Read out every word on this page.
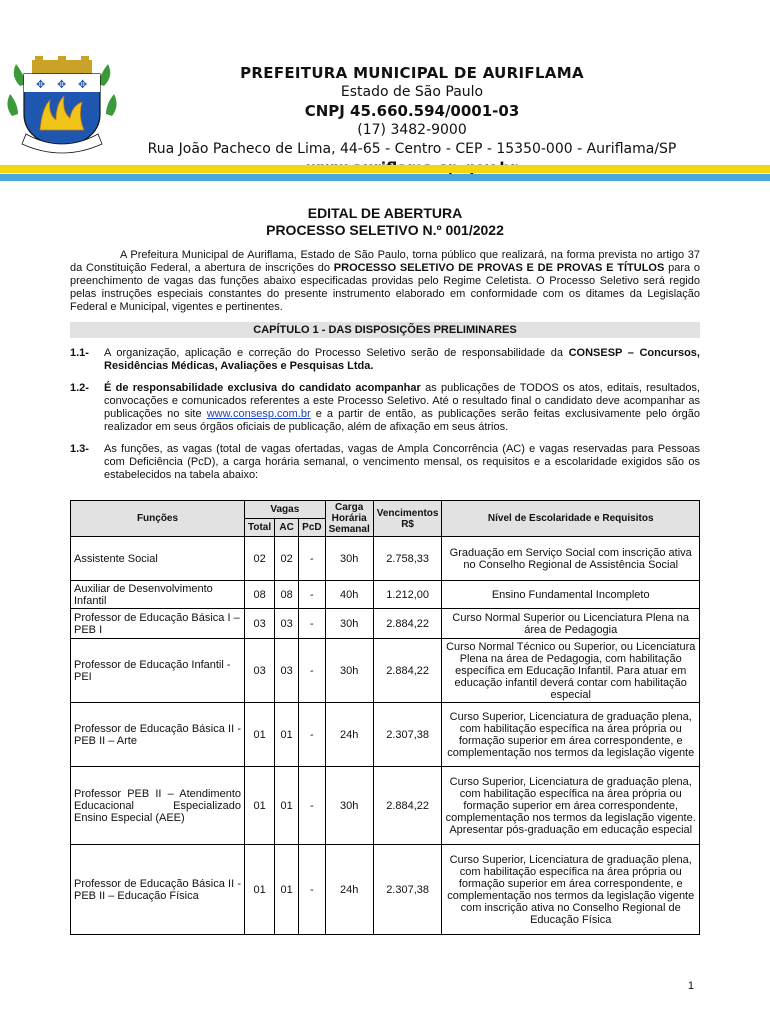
✥ ✥ ✥
PREFEITURA MUNICIPAL DE AURIFLAMA
Estado de São Paulo
CNPJ 45.660.594/0001-03
(17) 3482-9000
Rua João Pacheco de Lima, 44-65 - Centro - CEP - 15350-000 - Auriflama/SP
EDITAL DE ABERTURA
PROCESSO SELETIVO N.º 001/2022
A Prefeitura Municipal de Auriflama, Estado de São Paulo, torna público que realizará, na forma prevista no artigo 37 da Constituição Federal, a abertura de inscrições do PROCESSO SELETIVO DE PROVAS E DE PROVAS E TÍTULOS para o preenchimento de vagas das funções abaixo especificadas providas pelo Regime Celetista. O Processo Seletivo será regido pelas instruções especiais constantes do presente instrumento elaborado em conformidade com os ditames da Legislação Federal e Municipal, vigentes e pertinentes.
CAPÍTULO 1 - DAS DISPOSIÇÕES PRELIMINARES
1.1-	A organização, aplicação e correção do Processo Seletivo serão de responsabilidade da CONSESP – Concursos, Residências Médicas, Avaliações e Pesquisas Ltda.
1.2-	É de responsabilidade exclusiva do candidato acompanhar as publicações de TODOS os atos, editais, resultados, convocações e comunicados referentes a este Processo Seletivo. Até o resultado final o candidato deve acompanhar as publicações no site www.consesp.com.br e a partir de então, as publicações serão feitas exclusivamente pelo órgão realizador em seus órgãos oficiais de publicação, além de afixação em seus átrios.
1.3-	As funções, as vagas (total de vagas ofertadas, vagas de Ampla Concorrência (AC) e vagas reservadas para Pessoas com Deficiência (PcD), a carga horária semanal, o vencimento mensal, os requisitos e a escolaridade exigidos são os estabelecidos na tabela abaixo:
Funções	Vagas			Carga Horária Semanal	Vencimentos R$	Nível de Escolaridade e Requisitos
	Total	AC	PcD			
Assistente Social	02	02	-	30h	2.758,33	Graduação em Serviço Social com inscrição ativa no Conselho Regional de Assistência Social
Auxiliar de Desenvolvimento Infantil	08	08	-	40h	1.212,00	Ensino Fundamental Incompleto
Professor de Educação Básica I – PEB I	03	03	-	30h	2.884,22	Curso Normal Superior ou Licenciatura Plena na área de Pedagogia
Professor de Educação Infantil - PEI	03	03	-	30h	2.884,22	Curso Normal Técnico ou Superior, ou Licenciatura Plena na área de Pedagogia, com habilitação específica em Educação Infantil. Para atuar em educação infantil deverá contar com habilitação especial
Professor de Educação Básica II - PEB II – Arte	01	01	-	24h	2.307,38	Curso Superior, Licenciatura de graduação plena, com habilitação específica na área própria ou formação superior em área correspondente, e complementação nos termos da legislação vigente
Professor PEB II – Atendimento Educacional Especializado Ensino Especial (AEE)	01	01	-	30h	2.884,22	Curso Superior, Licenciatura de graduação plena, com habilitação específica na área própria ou formação superior em área correspondente, complementação nos termos da legislação vigente. Apresentar pós-graduação em educação especial
Professor de Educação Básica II - PEB II – Educação Física	01	01	-	24h	2.307,38	Curso Superior, Licenciatura de graduação plena, com habilitação específica na área própria ou formação superior em área correspondente, e complementação nos termos da legislação vigente com inscrição ativa no Conselho Regional de Educação Física
1
